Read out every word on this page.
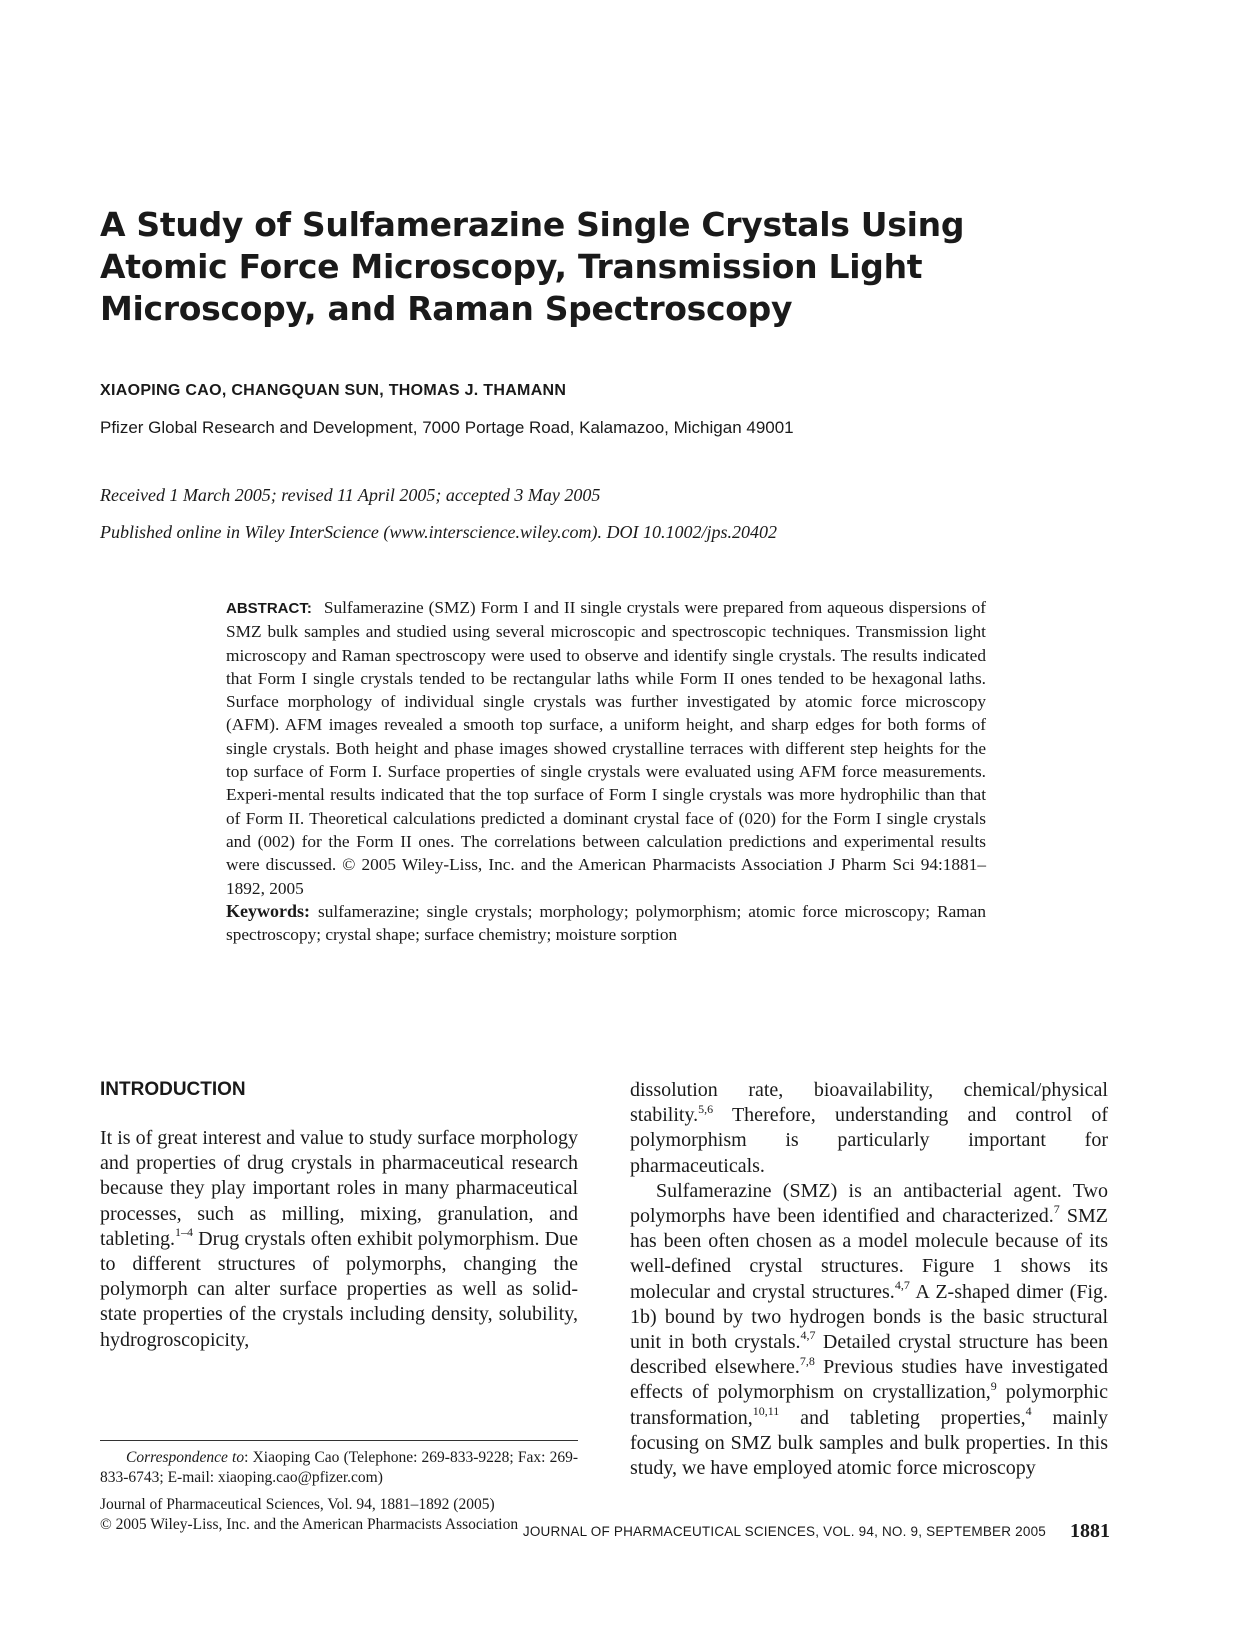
A Study of Sulfamerazine Single Crystals Using
Atomic Force Microscopy, Transmission Light
Microscopy, and Raman Spectroscopy
XIAOPING CAO, CHANGQUAN SUN, THOMAS J. THAMANN
Pfizer Global Research and Development, 7000 Portage Road, Kalamazoo, Michigan 49001
Received 1 March 2005; revised 11 April 2005; accepted 3 May 2005
Published online in Wiley InterScience (www.interscience.wiley.com). DOI 10.1002/jps.20402
ABSTRACT: Sulfamerazine (SMZ) Form I and II single crystals were prepared from aqueous dispersions of SMZ bulk samples and studied using several microscopic and spectroscopic techniques. Transmission light microscopy and Raman spectroscopy were used to observe and identify single crystals. The results indicated that Form I single crystals tended to be rectangular laths while Form II ones tended to be hexagonal laths. Surface morphology of individual single crystals was further investigated by atomic force microscopy (AFM). AFM images revealed a smooth top surface, a uniform height, and sharp edges for both forms of single crystals. Both height and phase images showed crystalline terraces with different step heights for the top surface of Form I. Surface properties of single crystals were evaluated using AFM force measurements. Experi-mental results indicated that the top surface of Form I single crystals was more hydrophilic than that of Form II. Theoretical calculations predicted a dominant crystal face of (020) for the Form I single crystals and (002) for the Form II ones. The correlations between calculation predictions and experimental results were discussed. © 2005 Wiley-Liss, Inc. and the American Pharmacists Association J Pharm Sci 94:1881–1892, 2005
Keywords: sulfamerazine; single crystals; morphology; polymorphism; atomic force microscopy; Raman spectroscopy; crystal shape; surface chemistry; moisture sorption
INTRODUCTION

It is of great interest and value to study surface morphology and properties of drug crystals in pharmaceutical research because they play important roles in many pharmaceutical processes, such as milling, mixing, granulation, and tableting.$^{1-4}$ Drug crystals often exhibit polymorphism. Due to different structures of polymorphs, changing the polymorph can alter surface properties as well as solid-state properties of the crystals including density, solubility, hydrogroscopicity,

dissolution rate, bioavailability, chemical/physical stability.$^{5,6}$ Therefore, understanding and control of polymorphism is particularly important for pharmaceuticals.

Sulfamerazine (SMZ) is an antibacterial agent. Two polymorphs have been identified and characterized.$^7$ SMZ has been often chosen as a model molecule because of its well-defined crystal structures. Figure 1 shows its molecular and crystal structures.$^{4,7}$ A Z-shaped dimer (Fig. 1b) bound by two hydrogen bonds is the basic structural unit in both crystals.$^{4,7}$ Detailed crystal structure has been described elsewhere.$^{7,8}$ Previous studies have investigated effects of polymorphism on crystallization,$^9$ polymorphic transformation,$^{10,11}$ and tableting properties,$^4$ mainly focusing on SMZ bulk samples and bulk properties. In this study, we have employed atomic force microscopy

Correspondence to: Xiaoping Cao (Telephone: 269-833-9228; Fax: 269-833-6743; E-mail: xiaoping.cao@pfizer.com)

Journal of Pharmaceutical Sciences, Vol. 94, 1881–1892 (2005)

© 2005 Wiley-Liss, Inc. and the American Pharmacists Association JOURNAL OF PHARMACEUTICAL SCIENCES, VOL. 94, NO. 9, SEPTEMBER 2005 1881
